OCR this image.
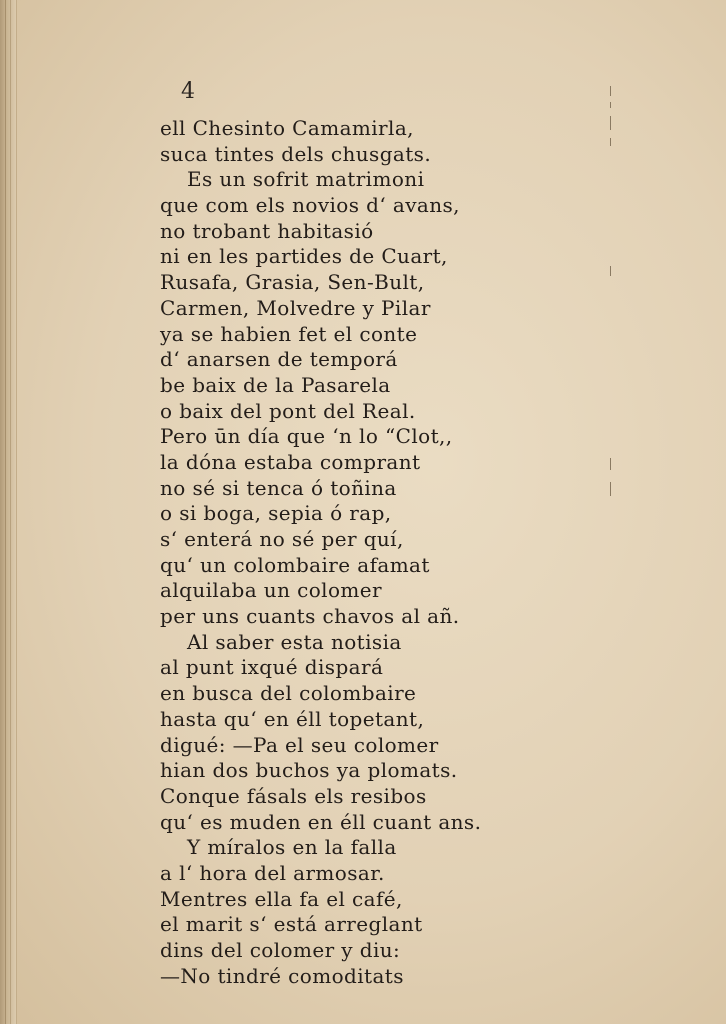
4
ell Chesinto Camamirla,
suca tintes dels chusgats.
Es un sofrit matrimoni
que com els novios d‘ avans,
no trobant habitasió
ni en les partides de Cuart,
Rusafa, Grasia, Sen-Bult,
Carmen, Molvedre y Pilar
ya se habien fet el conte
d‘ anarsen de temporá
be baix de la Pasarela
o baix del pont del Real.
Pero ūn día que ‘n lo “Clot,,
la dóna estaba comprant
no sé si tenca ó toñina
o si boga, sepia ó rap,
s‘ enterá no sé per quí,
qu‘ un colombaire afamat
alquilaba un colomer
per uns cuants chavos al añ.
Al saber esta notisia
al punt ixqué dispará
en busca del colombaire
hasta qu‘ en éll topetant,
digué: —Pa el seu colomer
hian dos buchos ya plomats.
Conque fásals els resibos
qu‘ es muden en éll cuant ans.
Y míralos en la falla
a l‘ hora del armosar.
Mentres ella fa el café,
el marit s‘ está arreglant
dins del colomer y diu:
—No tindré comoditats
